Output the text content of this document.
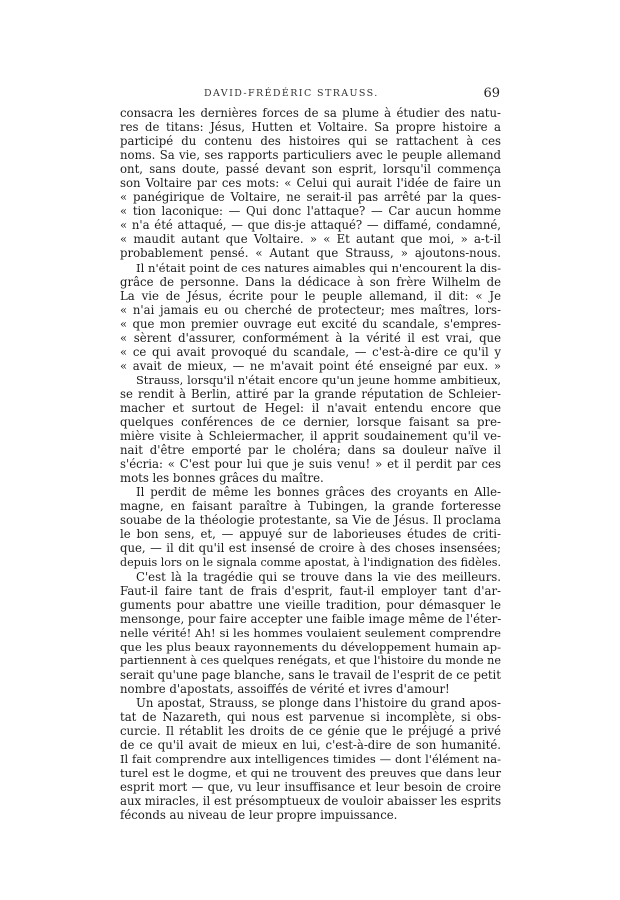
DAVID-FRÉDÉRIC STRAUSS.	69
consacra les dernières forces de sa plume à étudier des natu-
res de titans: Jésus, Hutten et Voltaire. Sa propre histoire a
participé du contenu des histoires qui se rattachent à ces
noms. Sa vie, ses rapports particuliers avec le peuple allemand
ont, sans doute, passé devant son esprit, lorsqu'il commença
son Voltaire par ces mots: « Celui qui aurait l'idée de faire un
« panégirique de Voltaire, ne serait-il pas arrêté par la ques-
« tion laconique: — Qui donc l'attaque? — Car aucun homme
« n'a été attaqué, — que dis-je attaqué? — diffamé, condamné,
« maudit autant que Voltaire. » « Et autant que moi, » a-t-il
probablement pensé. « Autant que Strauss, » ajoutons-nous.
Il n'était point de ces natures aimables qui n'encourent la dis-
grâce de personne. Dans la dédicace à son frère Wilhelm de
La vie de Jésus, écrite pour le peuple allemand, il dit: « Je
« n'ai jamais eu ou cherché de protecteur; mes maîtres, lors-
« que mon premier ouvrage eut excité du scandale, s'empres-
« sèrent d'assurer, conformément à la vérité il est vrai, que
« ce qui avait provoqué du scandale, — c'est-à-dire ce qu'il y
« avait de mieux, — ne m'avait point été enseigné par eux. »
Strauss, lorsqu'il n'était encore qu'un jeune homme ambitieux,
se rendit à Berlin, attiré par la grande réputation de Schleier-
macher et surtout de Hegel: il n'avait entendu encore que
quelques conférences de ce dernier, lorsque faisant sa pre-
mière visite à Schleiermacher, il apprit soudainement qu'il ve-
nait d'être emporté par le choléra; dans sa douleur naïve il
s'écria: « C'est pour lui que je suis venu! » et il perdit par ces
mots les bonnes grâces du maître.
Il perdit de même les bonnes grâces des croyants en Alle-
magne, en faisant paraître à Tubingen, la grande forteresse
souabe de la théologie protestante, sa Vie de Jésus. Il proclama
le bon sens, et, — appuyé sur de laborieuses études de criti-
que, — il dit qu'il est insensé de croire à des choses insensées;
depuis lors on le signala comme apostat, à l'indignation des fidèles.
C'est là la tragédie qui se trouve dans la vie des meilleurs.
Faut-il faire tant de frais d'esprit, faut-il employer tant d'ar-
guments pour abattre une vieille tradition, pour démasquer le
mensonge, pour faire accepter une faible image même de l'éter-
nelle vérité! Ah! si les hommes voulaient seulement comprendre
que les plus beaux rayonnements du développement humain ap-
partiennent à ces quelques renégats, et que l'histoire du monde ne
serait qu'une page blanche, sans le travail de l'esprit de ce petit
nombre d'apostats, assoiffés de vérité et ivres d'amour!
Un apostat, Strauss, se plonge dans l'histoire du grand apos-
tat de Nazareth, qui nous est parvenue si incomplète, si obs-
curcie. Il rétablit les droits de ce génie que le préjugé a privé
de ce qu'il avait de mieux en lui, c'est-à-dire de son humanité.
Il fait comprendre aux intelligences timides — dont l'élément na-
turel est le dogme, et qui ne trouvent des preuves que dans leur
esprit mort — que, vu leur insuffisance et leur besoin de croire
aux miracles, il est présomptueux de vouloir abaisser les esprits
féconds au niveau de leur propre impuissance.
